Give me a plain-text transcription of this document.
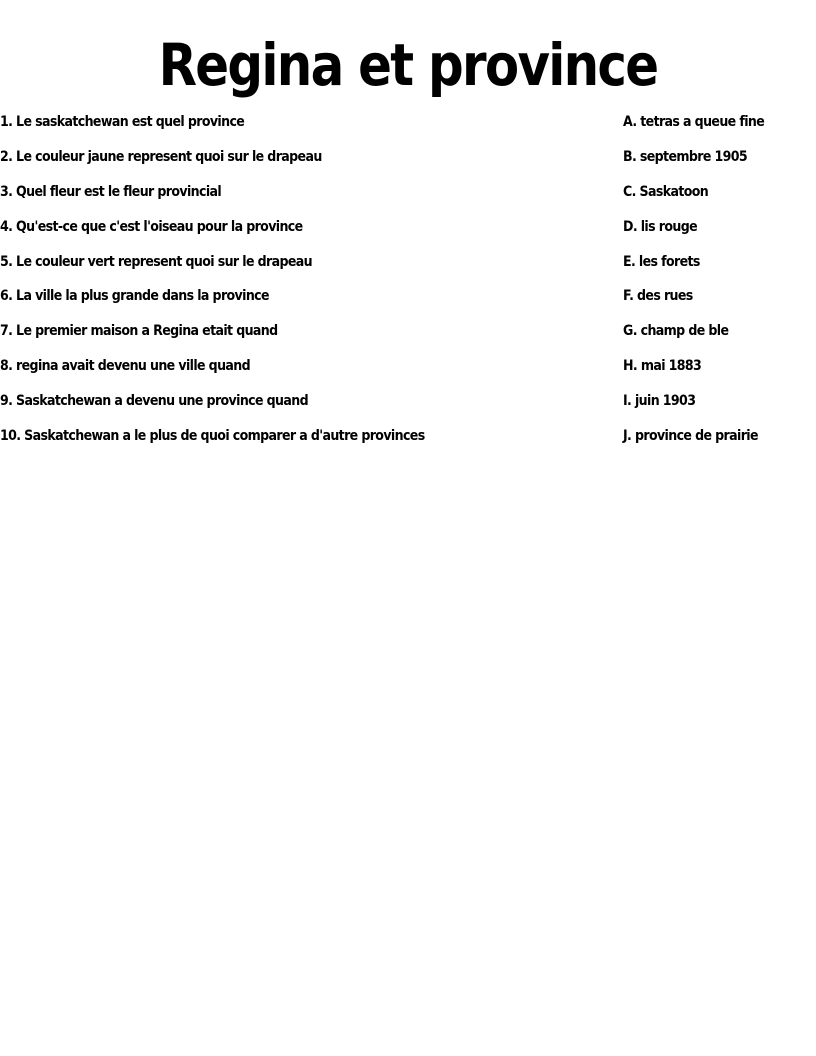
Regina et province
1. Le saskatchewan est quel province	A. tetras a queue fine
2. Le couleur jaune represent quoi sur le drapeau	B. septembre 1905
3. Quel fleur est le fleur provincial	C. Saskatoon
4. Qu'est-ce que c'est l'oiseau pour la province	D. lis rouge
5. Le couleur vert represent quoi sur le drapeau	E. les forets
6. La ville la plus grande dans la province	F. des rues
7. Le premier maison a Regina etait quand	G. champ de ble
8. regina avait devenu une ville quand	H. mai 1883
9. Saskatchewan a devenu une province quand	I. juin 1903
10. Saskatchewan a le plus de quoi comparer a d'autre provinces	J. province de prairie
